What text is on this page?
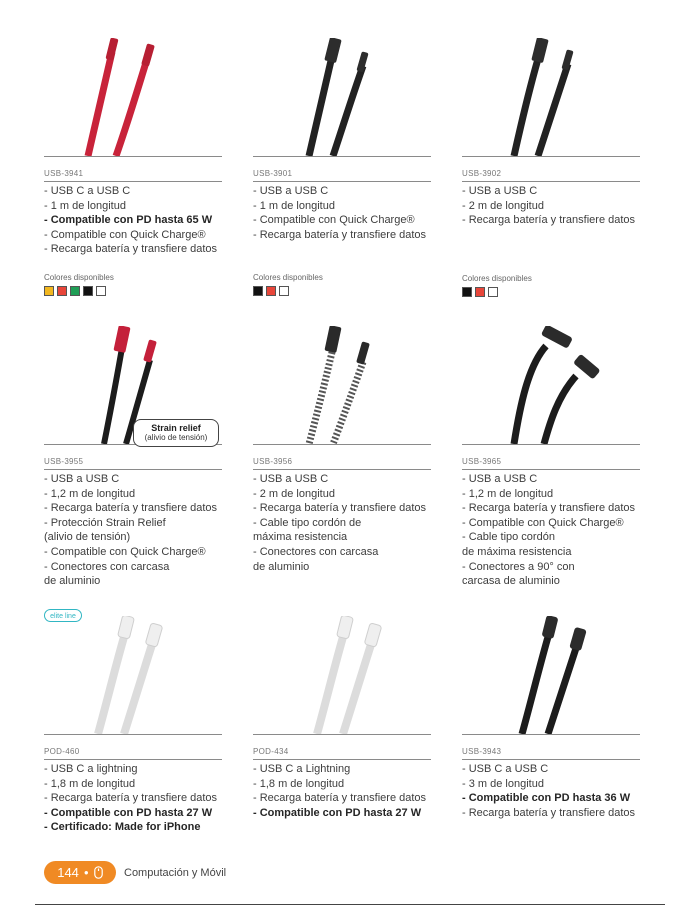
USB-3941
- USB C a USB C
- 1 m de longitud
- Compatible con PD hasta 65 W
- Compatible con Quick Charge®
- Recarga batería y transfiere datos
Colores disponibles
USB-3901
- USB a USB C
- 1 m de longitud
- Compatible con Quick Charge®
- Recarga batería y transfiere datos
Colores disponibles
USB-3902
- USB a USB C
- 2 m de longitud
- Recarga batería y transfiere datos
Colores disponibles
Strain relief
(alivio de tensión)
USB-3955
- USB a USB C
- 1,2 m de longitud
- Recarga batería y transfiere datos
- Protección Strain Relief
(alivio de tensión)
- Compatible con Quick Charge®
- Conectores con carcasa
de aluminio
USB-3956
- USB a USB C
- 2 m de longitud
- Recarga batería y transfiere datos
- Cable tipo cordón de
máxima resistencia
- Conectores con carcasa
de aluminio
USB-3965
- USB a USB C
- 1,2 m de longitud
- Recarga batería y transfiere datos
- Compatible con Quick Charge®
- Cable tipo cordón
de máxima resistencia
- Conectores a 90° con
carcasa de aluminio
elite line
POD-460
- USB C a lightning
- 1,8 m de longitud
- Recarga batería y transfiere datos
- Compatible con PD hasta 27 W
- Certificado: Made for iPhone
POD-434
- USB C a Lightning
- 1,8 m de longitud
- Recarga batería y transfiere datos
- Compatible con PD hasta 27 W
USB-3943
- USB C a USB C
- 3 m de longitud
- Compatible con PD hasta 36 W
- Recarga batería y transfiere datos
144 ●	Computación y Móvil
